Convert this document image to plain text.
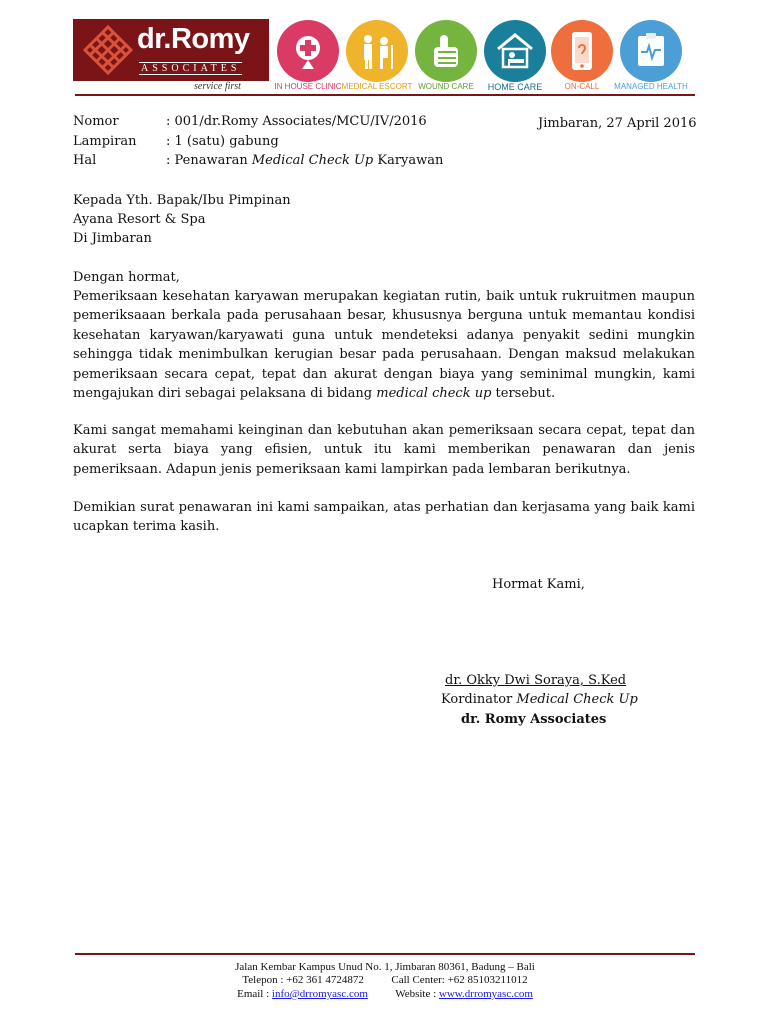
dr.Romy
ASSOCIATES
service first	IN HOUSE CLINIC MEDICAL ESCORT WOUND CARE	HOME CARE	ON-CALL	MANAGED HEALTH
Nomor	: 001/dr.Romy Associates/MCU/IV/2016	Jimbaran, 27 April 2016
Lampiran : 1 (satu) gabung
Hal	: Penawaran Medical Check Up Karyawan
Kepada Yth. Bapak/Ibu Pimpinan
Ayana Resort & Spa
Di Jimbaran
Dengan hormat,
Pemeriksaan kesehatan karyawan merupakan kegiatan rutin, baik untuk rukruitmen maupun pemeriksaaan berkala pada perusahaan besar, khususnya berguna untuk memantau kondisi kesehatan karyawan/karyawati guna untuk mendeteksi adanya penyakit sedini mungkin sehingga tidak menimbulkan kerugian besar pada perusahaan. Dengan maksud melakukan pemeriksaan secara cepat, tepat dan akurat dengan biaya yang seminimal mungkin, kami mengajukan diri sebagai pelaksana di bidang medical check up tersebut.
Kami sangat memahami keinginan dan kebutuhan akan pemeriksaan secara cepat, tepat dan akurat serta biaya yang efisien, untuk itu kami memberikan penawaran dan jenis pemeriksaan. Adapun jenis pemeriksaan kami lampirkan pada lembaran berikutnya.
Demikian surat penawaran ini kami sampaikan, atas perhatian dan kerjasama yang baik kami ucapkan terima kasih.
Hormat Kami,
dr. Okky Dwi Soraya, S.Ked
Kordinator Medical Check Up
dr. Romy Associates
Jalan Kembar Kampus Unud No. 1, Jimbaran 80361, Badung – Bali
Telepon : +62 361 4724872	Call Center: +62 85103211012
Email : info@drromyasc.com Website : www.drromyasc.com
